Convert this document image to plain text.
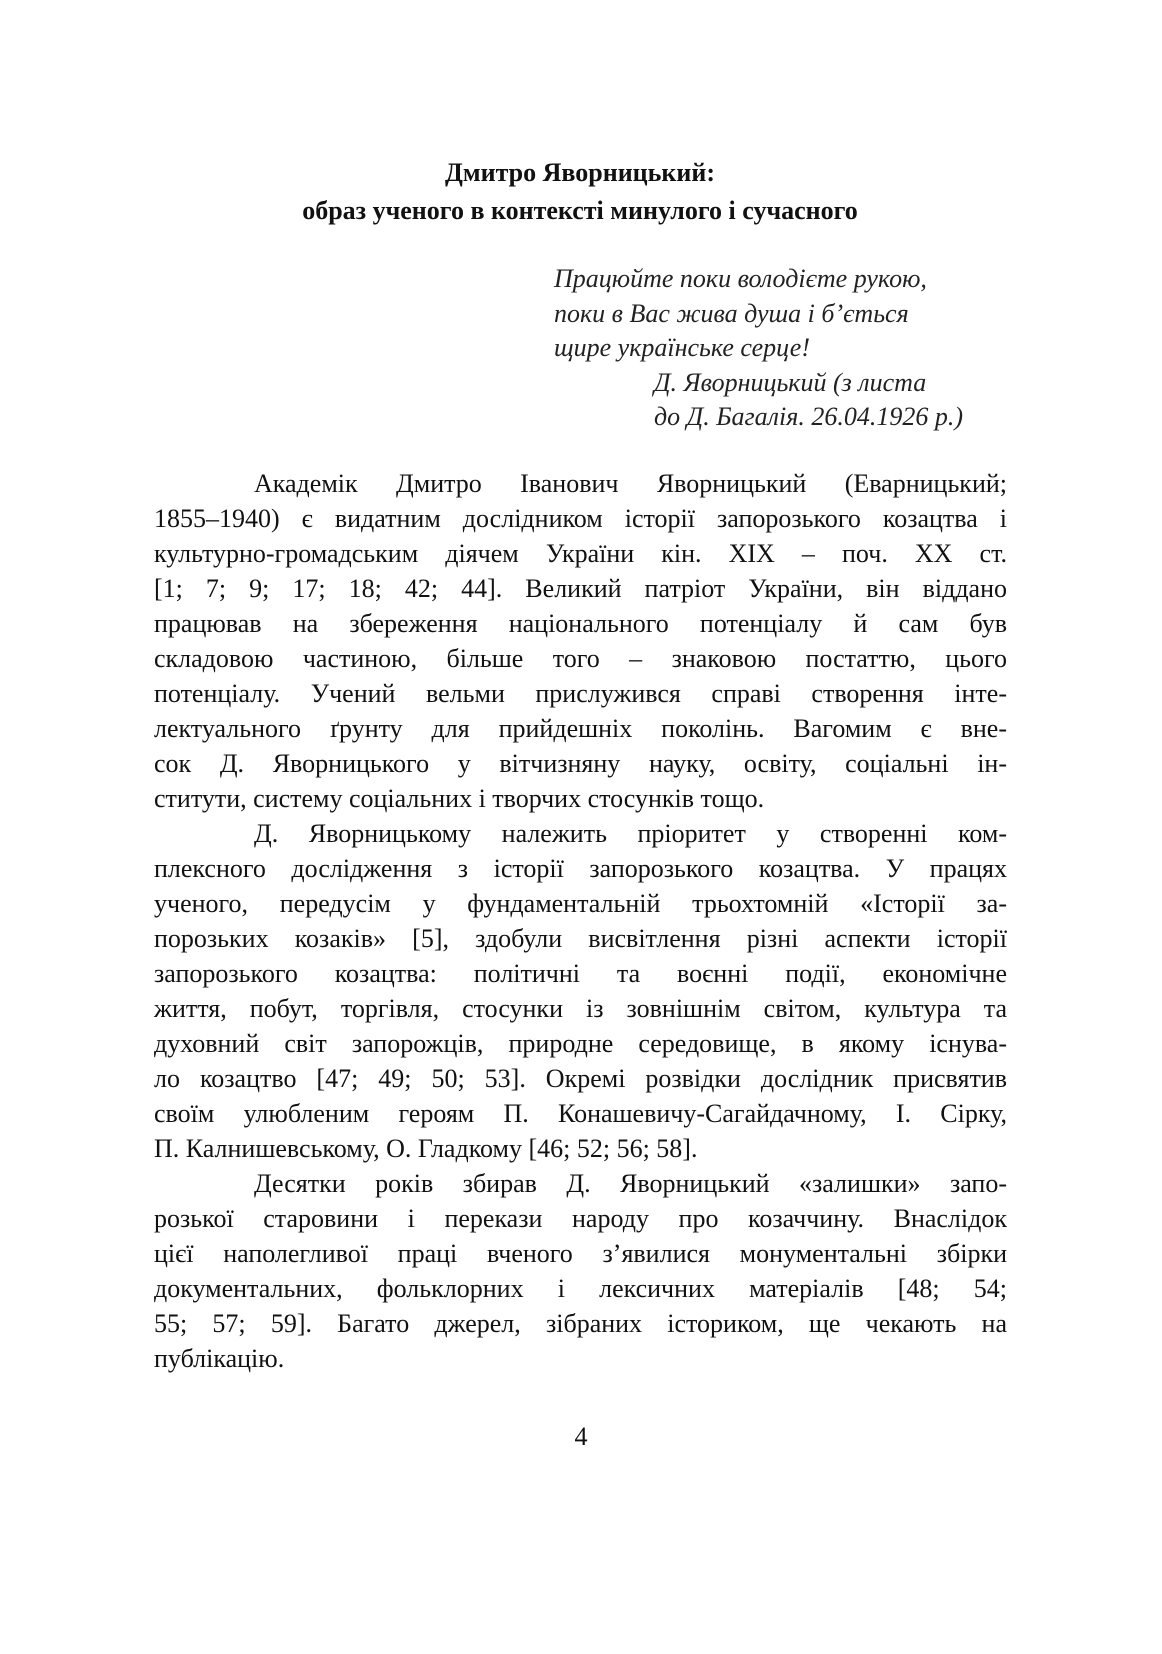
Дмитро Яворницький:
образ ученого в контексті минулого і сучасного
Працюйте поки володієте рукою,
поки в Вас жива душа і б’ється
щире українське серце!
Д. Яворницький (з листа
до Д. Багалія. 26.04.1926 р.)
Академік Дмитро Іванович Яворницький (Еварницький;
1855–1940) є видатним дослідником історії запорозького козацтва і
культурно-громадським діячем України кін. XIX – поч. XX ст.
[1; 7; 9; 17; 18; 42; 44]. Великий патріот України, він віддано
працював на збереження національного потенціалу й сам був
складовою частиною, більше того – знаковою постаттю, цього
потенціалу. Учений вельми прислужився справі створення інте-
лектуального ґрунту для прийдешніх поколінь. Вагомим є вне-
сок Д. Яворницького у вітчизняну науку, освіту, соціальні ін-
ститути, систему соціальних і творчих стосунків тощо.
Д. Яворницькому належить пріоритет у створенні ком-
плексного дослідження з історії запорозького козацтва. У працях
ученого, передусім у фундаментальній трьохтомній «Історії за-
порозьких козаків» [5], здобули висвітлення різні аспекти історії
запорозького козацтва: політичні та воєнні події, економічне
життя, побут, торгівля, стосунки із зовнішнім світом, культура та
духовний світ запорожців, природне середовище, в якому існува-
ло козацтво [47; 49; 50; 53]. Окремі розвідки дослідник присвятив
своїм улюбленим героям П. Конашевичу-Сагайдачному, І. Сірку,
П. Калнишевському, О. Гладкому [46; 52; 56; 58].
Десятки років збирав Д. Яворницький «залишки» запо-
розької старовини і перекази народу про козаччину. Внаслідок
цієї наполегливої праці вченого з’явилися монументальні збірки
документальних, фольклорних і лексичних матеріалів [48; 54;
55; 57; 59]. Багато джерел, зібраних істориком, ще чекають на
публікацію.
4
